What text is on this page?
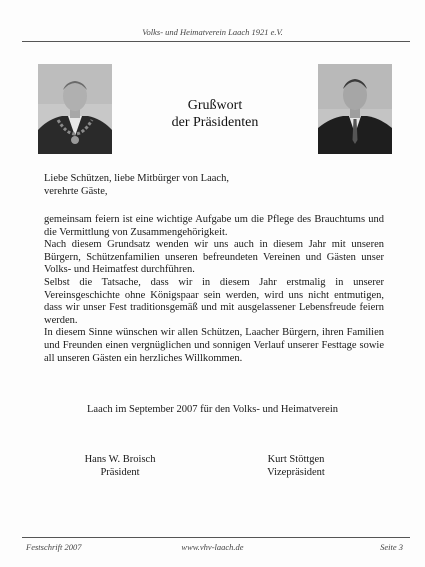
Volks- und Heimatverein Laach 1921 e.V.
Grußwort
der Präsidenten
Liebe Schützen, liebe Mitbürger von Laach,
verehrte Gäste,

gemeinsam feiern ist eine wichtige Aufgabe um die Pflege des Brauchtums und die Vermittlung von Zusammengehörigkeit.

Nach diesem Grundsatz wenden wir uns auch in diesem Jahr mit unseren Bürgern, Schützenfamilien unseren befreundeten Vereinen und Gästen unser Volks- und Heimatfest durchführen.

Selbst die Tatsache, dass wir in diesem Jahr erstmalig in unserer Vereinsgeschichte ohne Königspaar sein werden, wird uns nicht entmutigen, dass wir unser Fest traditionsgemäß und mit ausgelassener Lebensfreude feiern werden.

In diesem Sinne wünschen wir allen Schützen, Laacher Bürgern, ihren Familien und Freunden einen vergnüglichen und sonnigen Verlauf unserer Festtage sowie all unseren Gästen ein herzliches Willkommen.

Laach im September 2007 für den Volks- und Heimatverein
Hans W. Broisch
Präsident
Kurt Stöttgen
Vizepräsident
Festschrift 2007	www.vhv-laach.de	Seite 3
